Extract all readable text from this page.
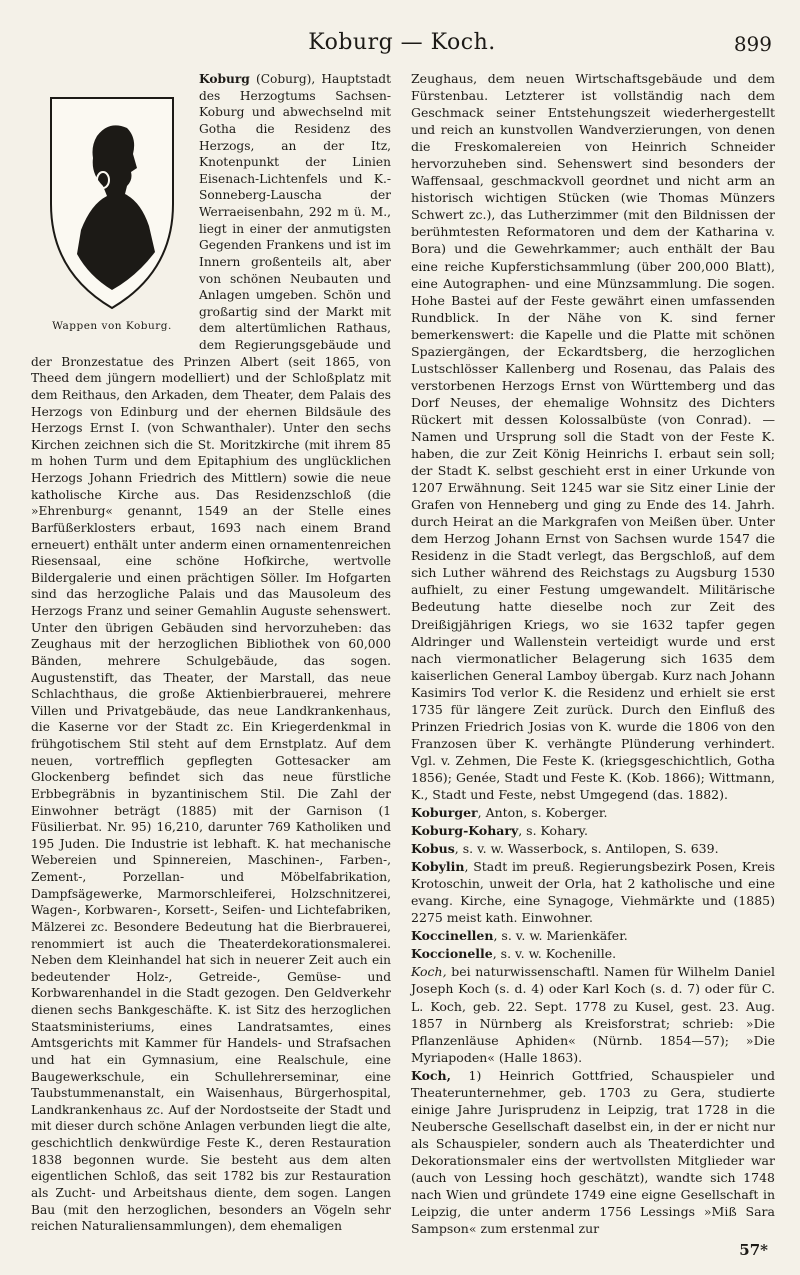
Koburg — Koch.	899
Wappen von Koburg.

Koburg (Coburg), Hauptstadt des Herzogtums Sachsen-Koburg und abwechselnd mit Gotha die Residenz des Herzogs, an der Itz, Knotenpunkt der Linien Eisenach-Lichtenfels und K.-Sonneberg-Lauscha der Werraeisenbahn, 292 m ü. M., liegt in einer der anmutigsten Gegenden Frankens und ist im Innern großenteils alt, aber von schönen Neubauten und Anlagen umgeben. Schön und großartig sind der Markt mit dem altertümlichen Rathaus, dem Regierungsgebäude und der Bronzestatue des Prinzen Albert (seit 1865, von Theed dem jüngern modelliert) und der Schloßplatz mit dem Reithaus, den Arkaden, dem Theater, dem Palais des Herzogs von Edinburg und der ehernen Bildsäule des Herzogs Ernst I. (von Schwanthaler). Unter den sechs Kirchen zeichnen sich die St. Moritzkirche (mit ihrem 85 m hohen Turm und dem Epitaphium des unglücklichen Herzogs Johann Friedrich des Mittlern) sowie die neue katholische Kirche aus. Das Residenzschloß (die »Ehrenburg« genannt, 1549 an der Stelle eines Barfüßerklosters erbaut, 1693 nach einem Brand erneuert) enthält unter anderm einen ornamentenreichen Riesensaal, eine schöne Hofkirche, wertvolle Bildergalerie und einen prächtigen Söller. Im Hofgarten sind das herzogliche Palais und das Mausoleum des Herzogs Franz und seiner Gemahlin Auguste sehenswert. Unter den übrigen Gebäuden sind hervorzuheben: das Zeughaus mit der herzoglichen Bibliothek von 60,000 Bänden, mehrere Schulgebäude, das sogen. Augustenstift, das Theater, der Marstall, das neue Schlachthaus, die große Aktienbierbrauerei, mehrere Villen und Privatgebäude, das neue Landkrankenhaus, die Kaserne vor der Stadt zc. Ein Kriegerdenkmal in frühgotischem Stil steht auf dem Ernstplatz. Auf dem neuen, vortrefflich gepflegten Gottesacker am Glockenberg befindet sich das neue fürstliche Erbbegräbnis in byzantinischem Stil. Die Zahl der Einwohner beträgt (1885) mit der Garnison (1 Füsilierbat. Nr. 95) 16,210, darunter 769 Katholiken und 195 Juden. Die Industrie ist lebhaft. K. hat mechanische Webereien und Spinnereien, Maschinen-, Farben-, Zement-, Porzellan- und Möbelfabrikation, Dampfsägewerke, Marmorschleiferei, Holzschnitzerei, Wagen-, Korbwaren-, Korsett-, Seifen- und Lichtefabriken, Mälzerei zc. Besondere Bedeutung hat die Bierbrauerei, renommiert ist auch die Theaterdekorationsmalerei. Neben dem Kleinhandel hat sich in neuerer Zeit auch ein bedeutender Holz-, Getreide-, Gemüse- und Korbwarenhandel in die Stadt gezogen. Den Geldverkehr dienen sechs Bankgeschäfte. K. ist Sitz des herzoglichen Staatsministeriums, eines Landratsamtes, eines Amtsgerichts mit Kammer für Handels- und Strafsachen und hat ein Gymnasium, eine Realschule, eine Baugewerkschule, ein Schullehrerseminar, eine Taubstummenanstalt, ein Waisenhaus, Bürgerhospital, Landkrankenhaus zc. Auf der Nordostseite der Stadt und mit dieser durch schöne Anlagen verbunden liegt die alte, geschichtlich denkwürdige Feste K., deren Restauration 1838 begonnen wurde. Sie besteht aus dem alten eigentlichen Schloß, das seit 1782 bis zur Restauration als Zucht- und Arbeitshaus diente, dem sogen. Langen Bau (mit den herzoglichen, besonders an Vögeln sehr reichen Naturaliensammlungen), dem ehemaligen

Zeughaus, dem neuen Wirtschaftsgebäude und dem Fürstenbau. Letzterer ist vollständig nach dem Geschmack seiner Entstehungszeit wiederhergestellt und reich an kunstvollen Wandverzierungen, von denen die Freskomalereien von Heinrich Schneider hervorzuheben sind. Sehenswert sind besonders der Waffensaal, geschmackvoll geordnet und nicht arm an historisch wichtigen Stücken (wie Thomas Münzers Schwert zc.), das Lutherzimmer (mit den Bildnissen der berühmtesten Reformatoren und dem der Katharina v. Bora) und die Gewehrkammer; auch enthält der Bau eine reiche Kupferstichsammlung (über 200,000 Blatt), eine Autographen- und eine Münzsammlung. Die sogen. Hohe Bastei auf der Feste gewährt einen umfassenden Rundblick. In der Nähe von K. sind ferner bemerkenswert: die Kapelle und die Platte mit schönen Spaziergängen, der Eckardtsberg, die herzoglichen Lustschlösser Kallenberg und Rosenau, das Palais des verstorbenen Herzogs Ernst von Württemberg und das Dorf Neuses, der ehemalige Wohnsitz des Dichters Rückert mit dessen Kolossalbüste (von Conrad). — Namen und Ursprung soll die Stadt von der Feste K. haben, die zur Zeit König Heinrichs I. erbaut sein soll; der Stadt K. selbst geschieht erst in einer Urkunde von 1207 Erwähnung. Seit 1245 war sie Sitz einer Linie der Grafen von Henneberg und ging zu Ende des 14. Jahrh. durch Heirat an die Markgrafen von Meißen über. Unter dem Herzog Johann Ernst von Sachsen wurde 1547 die Residenz in die Stadt verlegt, das Bergschloß, auf dem sich Luther während des Reichstags zu Augsburg 1530 aufhielt, zu einer Festung umgewandelt. Militärische Bedeutung hatte dieselbe noch zur Zeit des Dreißigjährigen Kriegs, wo sie 1632 tapfer gegen Aldringer und Wallenstein verteidigt wurde und erst nach viermonatlicher Belagerung sich 1635 dem kaiserlichen General Lamboy übergab. Kurz nach Johann Kasimirs Tod verlor K. die Residenz und erhielt sie erst 1735 für längere Zeit zurück. Durch den Einfluß des Prinzen Friedrich Josias von K. wurde die 1806 von den Franzosen über K. verhängte Plünderung verhindert. Vgl. v. Zehmen, Die Feste K. (kriegsgeschichtlich, Gotha 1856); Genée, Stadt und Feste K. (Kob. 1866); Wittmann, K., Stadt und Feste, nebst Umgegend (das. 1882).

Koburger, Anton, s. Koberger.

Koburg-Kohary, s. Kohary.

Kobus, s. v. w. Wasserbock, s. Antilopen, S. 639.

Kobylin, Stadt im preuß. Regierungsbezirk Posen, Kreis Krotoschin, unweit der Orla, hat 2 katholische und eine evang. Kirche, eine Synagoge, Viehmärkte und (1885) 2275 meist kath. Einwohner.

Koccinellen, s. v. w. Marienkäfer.

Koccionelle, s. v. w. Kochenille.

Koch, bei naturwissenschaftl. Namen für Wilhelm Daniel Joseph Koch (s. d. 4) oder Karl Koch (s. d. 7) oder für C. L. Koch, geb. 22. Sept. 1778 zu Kusel, gest. 23. Aug. 1857 in Nürnberg als Kreisforstrat; schrieb: »Die Pflanzenläuse Aphiden« (Nürnb. 1854—57); »Die Myriapoden« (Halle 1863).

Koch, 1) Heinrich Gottfried, Schauspieler und Theaterunternehmer, geb. 1703 zu Gera, studierte einige Jahre Jurisprudenz in Leipzig, trat 1728 in die Neubersche Gesellschaft daselbst ein, in der er nicht nur als Schauspieler, sondern auch als Theaterdichter und Dekorationsmaler eins der wertvollsten Mitglieder war (auch von Lessing hoch geschätzt), wandte sich 1748 nach Wien und gründete 1749 eine eigne Gesellschaft in Leipzig, die unter anderm 1756 Lessings »Miß Sara Sampson« zum erstenmal zur

57*
